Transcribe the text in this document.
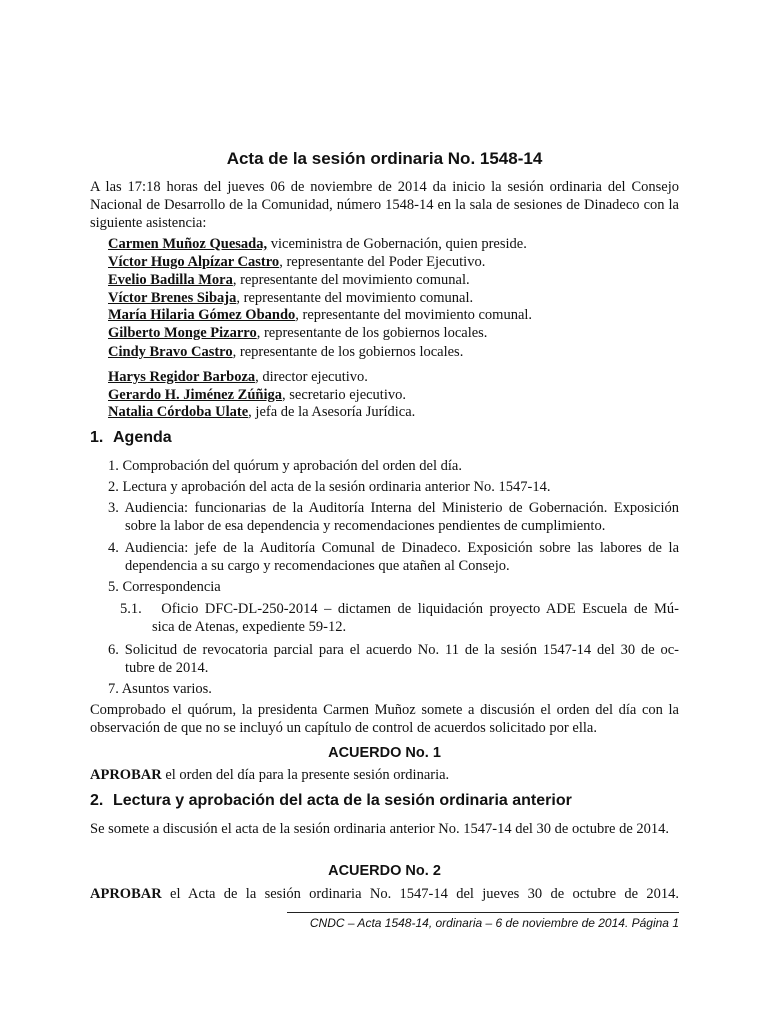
Acta de la sesión ordinaria No. 1548-14
A las 17:18 horas del jueves 06 de noviembre de 2014 da inicio la sesión ordinaria del Consejo Nacional de Desarrollo de la Comunidad, número 1548-14 en la sala de sesiones de Dinadeco con la siguiente asistencia:
Carmen Muñoz Quesada, viceministra de Gobernación, quien preside.
Víctor Hugo Alpízar Castro, representante del Poder Ejecutivo.
Evelio Badilla Mora, representante del movimiento comunal.
Víctor Brenes Sibaja, representante del movimiento comunal.
María Hilaria Gómez Obando, representante del movimiento comunal.
Gilberto Monge Pizarro, representante de los gobiernos locales.
Cindy Bravo Castro, representante de los gobiernos locales.
Harys Regidor Barboza, director ejecutivo.
Gerardo H. Jiménez Zúñiga, secretario ejecutivo.
Natalia Córdoba Ulate, jefa de la Asesoría Jurídica.
1. Agenda
1. Comprobación del quórum y aprobación del orden del día.
2. Lectura y aprobación del acta de la sesión ordinaria anterior No. 1547-14.
3. Audiencia: funcionarias de la Auditoría Interna del Ministerio de Gobernación. Exposición
sobre la labor de esa dependencia y recomendaciones pendientes de cumplimiento.
4. Audiencia: jefe de la Auditoría Comunal de Dinadeco. Exposición sobre las labores de la
dependencia a su cargo y recomendaciones que atañen al Consejo.
5. Correspondencia
5.1. Oficio DFC-DL-250-2014 – dictamen de liquidación proyecto ADE Escuela de Mú-
sica de Atenas, expediente 59-12.
6. Solicitud de revocatoria parcial para el acuerdo No. 11 de la sesión 1547-14 del 30 de oc-
tubre de 2014.
7. Asuntos varios.
Comprobado el quórum, la presidenta Carmen Muñoz somete a discusión el orden del día con la observación de que no se incluyó un capítulo de control de acuerdos solicitado por ella.
ACUERDO No. 1
APROBAR el orden del día para la presente sesión ordinaria.
2. Lectura y aprobación del acta de la sesión ordinaria anterior
Se somete a discusión el acta de la sesión ordinaria anterior No. 1547-14 del 30 de octubre de 2014.
ACUERDO No. 2
APROBAR el Acta de la sesión ordinaria No. 1547-14 del jueves 30 de octubre de 2014.
CNDC – Acta 1548-14, ordinaria – 6 de noviembre de 2014. Página 1
